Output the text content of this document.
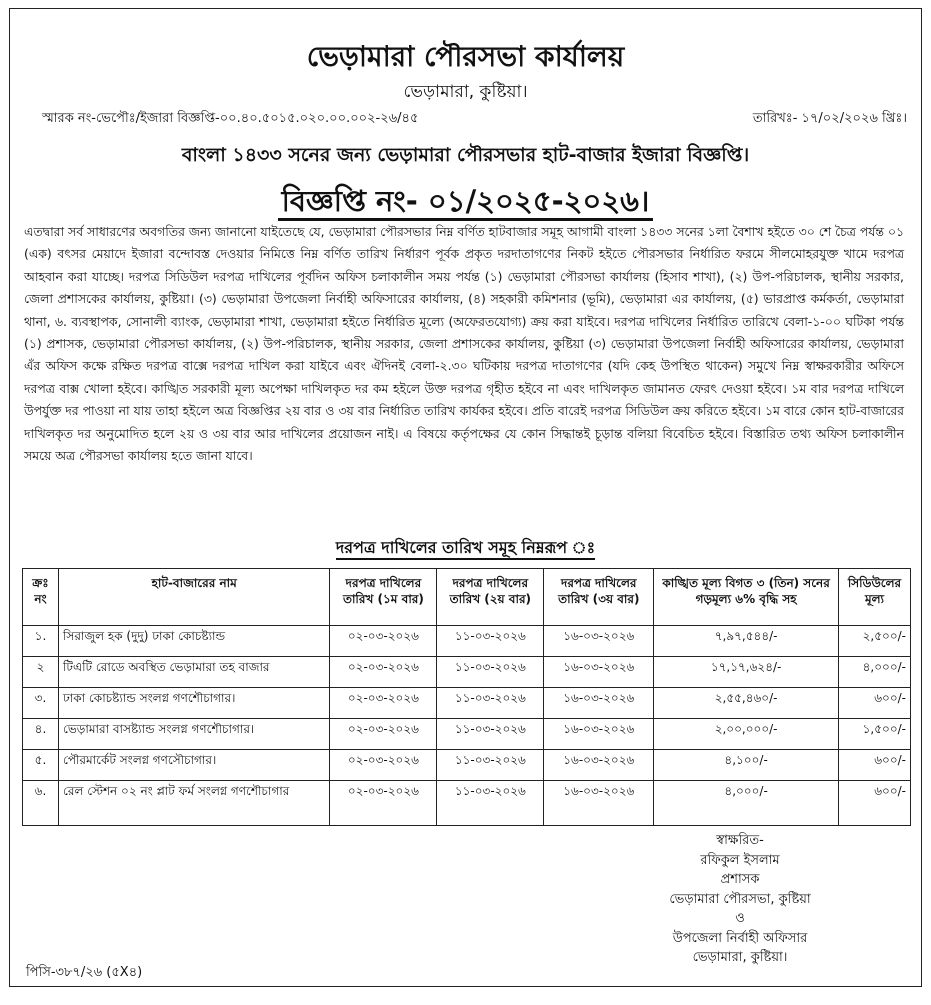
ভেড়ামারা পৌরসভা কার্যালয়
ভেড়ামারা, কুষ্টিয়া।
স্মারক নং-ভেপৌঃ/ইজারা বিজ্ঞপ্তি-০০.৪০.৫০১৫.০২০.০০.০০২-২৬/৪৫	তারিখঃ- ১৭/০২/২০২৬ খ্রিঃ।
বাংলা ১৪৩৩ সনের জন্য ভেড়ামারা পৌরসভার হাট-বাজার ইজারা বিজ্ঞপ্তি।
বিজ্ঞপ্তি নং- ০১/২০২৫-২০২৬।
এতদ্বারা সর্ব সাধারণের অবগতির জন্য জানানো যাইতেছে যে, ভেড়ামারা পৌরসভার নিম্ন বর্ণিত হাটবাজার সমূহ আগামী বাংলা ১৪৩৩ সনের ১লা বৈশাখ হইতে ৩০ শে চৈত্র পর্যন্ত ০১ (এক) বৎসর মেয়াদে ইজারা বন্দোবস্ত দেওয়ার নিমিত্তে নিম্ন বর্ণিত তারিখ নির্ধারণ পূর্বক প্রকৃত দরদাতাগণের নিকট হইতে পৌরসভার নির্ধারিত ফরমে সীলমোহরযুক্ত খামে দরপত্র আহবান করা যাচ্ছে। দরপত্র সিডিউল দরপত্র দাখিলের পূর্বদিন অফিস চলাকালীন সময় পর্যন্ত (১) ভেড়ামারা পৌরসভা কার্যালয় (হিসাব শাখা), (২) উপ-পরিচালক, স্থানীয় সরকার, জেলা প্রশাসকের কার্যালয়, কুষ্টিয়া। (৩) ভেড়ামারা উপজেলা নির্বাহী অফিসারের কার্যালয়, (৪) সহকারী কমিশনার (ভূমি), ভেড়ামারা এর কার্যালয়, (৫) ভারপ্রাপ্ত কর্মকর্তা, ভেড়ামারা থানা, ৬. ব্যবস্থাপক, সোনালী ব্যাংক, ভেড়ামারা শাখা, ভেড়ামারা হইতে নির্ধারিত মূল্যে (অফেরতযোগ্য) ক্রয় করা যাইবে। দরপত্র দাখিলের নির্ধারিত তারিখে বেলা-১-০০ ঘটিকা পর্যন্ত (১) প্রশাসক, ভেড়ামারা পৌরসভা কার্যালয়, (২) উপ-পরিচালক, স্থানীয় সরকার, জেলা প্রশাসকের কার্যালয়, কুষ্টিয়া (৩) ভেড়ামারা উপজেলা নির্বাহী অফিসারের কার্যালয়, ভেড়ামারা এঁর অফিস কক্ষে রক্ষিত দরপত্র বাক্সে দরপত্র দাখিল করা যাইবে এবং ঐদিনই বেলা-২.৩০ ঘটিকায় দরপত্র দাতাগণের (যদি কেহ উপস্থিত থাকেন) সমুখে নিম্ন স্বাক্ষরকারীর অফিসে দরপত্র বাক্স খোলা হইবে। কাঙ্খিত সরকারী মূল্য অপেক্ষা দাখিলকৃত দর কম হইলে উক্ত দরপত্র গৃহীত হইবে না এবং দাখিলকৃত জামানত ফেরৎ দেওয়া হইবে। ১ম বার দরপত্র দাখিলে উপর্যুক্ত দর পাওয়া না যায় তাহা হইলে অত্র বিজ্ঞপ্তির ২য় বার ও ৩য় বার নির্ধারিত তারিখ কার্যকর হইবে। প্রতি বারেই দরপত্র সিডিউল ক্রয় করিতে হইবে। ১ম বারে কোন হাট-বাজারের দাখিলকৃত দর অনুমোদিত হলে ২য় ও ৩য় বার আর দাখিলের প্রয়োজন নাই। এ বিষয়ে কর্তৃপক্ষের যে কোন সিদ্ধান্তই চূড়ান্ত বলিয়া বিবেচিত হইবে। বিস্তারিত তথ্য অফিস চলাকালীন সময়ে অত্র পৌরসভা কার্যালয় হতে জানা যাবে।
দরপত্র দাখিলের তারিখ সমূহ নিম্নরূপ ঃ
ক্রঃ নং	হাট-বাজারের নাম	দরপত্র দাখিলের তারিখ (১ম বার)	দরপত্র দাখিলের তারিখ (২য় বার)	দরপত্র দাখিলের তারিখ (৩য় বার)	কাঙ্খিত মূল্য বিগত ৩ (তিন) সনের গড়মূল্য ৬% বৃদ্ধি সহ	সিডিউলের মূল্য
১.	সিরাজুল হক (দুদু) ঢাকা কোচষ্ট্যান্ড	০২-০৩-২০২৬	১১-০৩-২০২৬	১৬-০৩-২০২৬	৭,৯৭,৫৪৪/-	২,৫০০/-
২	টিএটি রোডে অবস্থিত ভেড়ামারা তহ বাজার	০২-০৩-২০২৬	১১-০৩-২০২৬	১৬-০৩-২০২৬	১৭,১৭,৬২৪/-	৪,০০০/-
৩.	ঢাকা কোচষ্ট্যান্ড সংলগ্ন গণশৌচাগার।	০২-০৩-২০২৬	১১-০৩-২০২৬	১৬-০৩-২০২৬	২,৫৫,৪৬০/-	৬০০/-
৪.	ভেড়ামারা বাসষ্ট্যান্ড সংলগ্ন গণশৌচাগার।	০২-০৩-২০২৬	১১-০৩-২০২৬	১৬-০৩-২০২৬	২,০০,০০০/-	১,৫০০/-
৫.	পৌরমার্কেট সংলগ্ন গণসৌচাগার।	০২-০৩-২০২৬	১১-০৩-২০২৬	১৬-০৩-২০২৬	৪,১০০/-	৬০০/-
৬.	রেল স্টেশন ০২ নং প্লাট ফর্ম সংলগ্ন গণশৌচাগার	০২-০৩-২০২৬	১১-০৩-২০২৬	১৬-০৩-২০২৬	৪,০০০/-	৬০০/-
স্বাক্ষরিত-
রফিকুল ইসলাম
প্রশাসক
ভেড়ামারা পৌরসভা, কুষ্টিয়া
ও
উপজেলা নির্বাহী অফিসার
ভেড়ামারা, কুষ্টিয়া।
পিসি-৩৮৭/২৬ (৫X৪)
